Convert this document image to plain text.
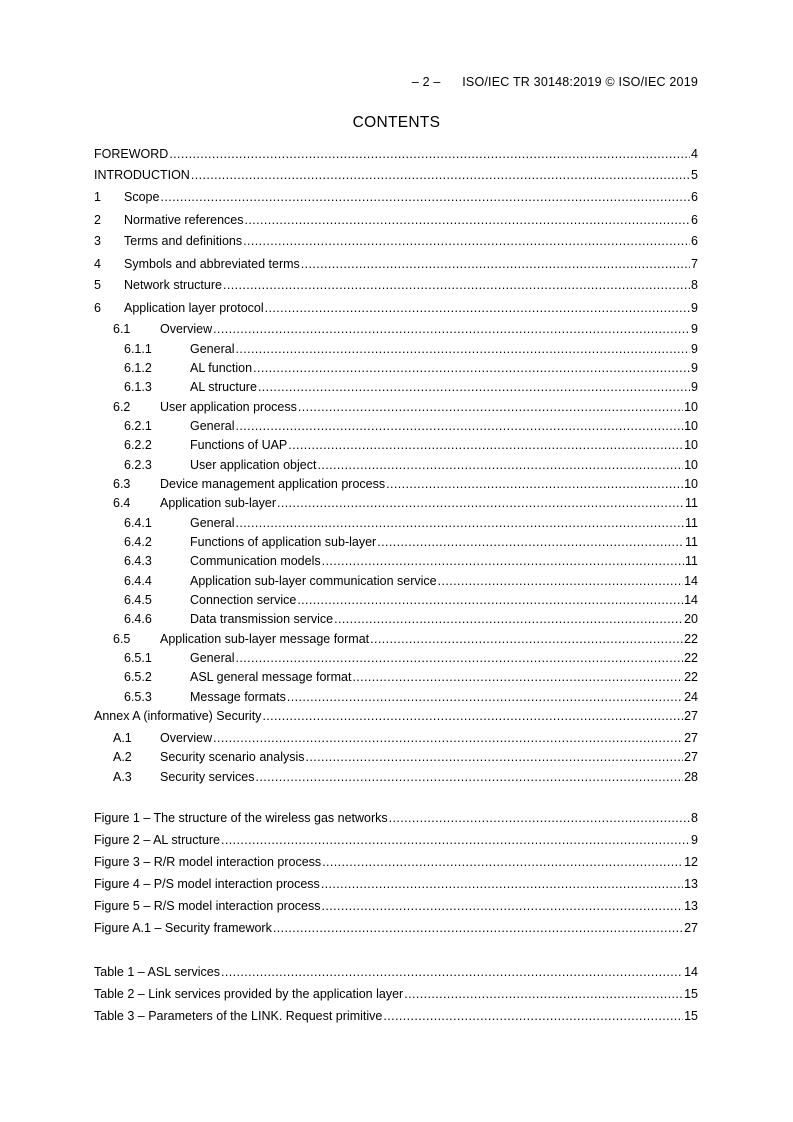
– 2 – ISO/IEC TR 30148:2019 © ISO/IEC 2019
CONTENTS
FOREWORD .....	4
INTRODUCTION .....	5
1	Scope .....	6
2	Normative references .....	6
3	Terms and definitions .....	6
4	Symbols and abbreviated terms .....	7
5	Network structure .....	8
6	Application layer protocol .....	9
6.1	Overview .....	9
6.1.1	General .....	9
6.1.2	AL function .....	9
6.1.3	AL structure .....	9
6.2	User application process .....	10
6.2.1	General .....	10
6.2.2	Functions of UAP .....	10
6.2.3	User application object .....	10
6.3	Device management application process .....	10
6.4	Application sub-layer .....	11
6.4.1	General .....	11
6.4.2	Functions of application sub-layer .....	11
6.4.3	Communication models .....	11
6.4.4	Application sub-layer communication service .....	14
6.4.5	Connection service .....	14
6.4.6	Data transmission service .....	20
6.5	Application sub-layer message format .....	22
6.5.1	General .....	22
6.5.2	ASL general message format .....	22
6.5.3	Message formats .....	24
Annex A (informative) Security .....	27
A.1	Overview .....	27
A.2	Security scenario analysis .....	27
A.3	Security services .....	28
Figure 1 – The structure of the wireless gas networks .....	8
Figure 2 – AL structure .....	9
Figure 3 – R/R model interaction process .....	12
Figure 4 – P/S model interaction process .....	13
Figure 5 – R/S model interaction process .....	13
Figure A.1 – Security framework .....	27
Table 1 – ASL services .....	14
Table 2 – Link services provided by the application layer .....	15
Table 3 – Parameters of the LINK. Request primitive .....	15
